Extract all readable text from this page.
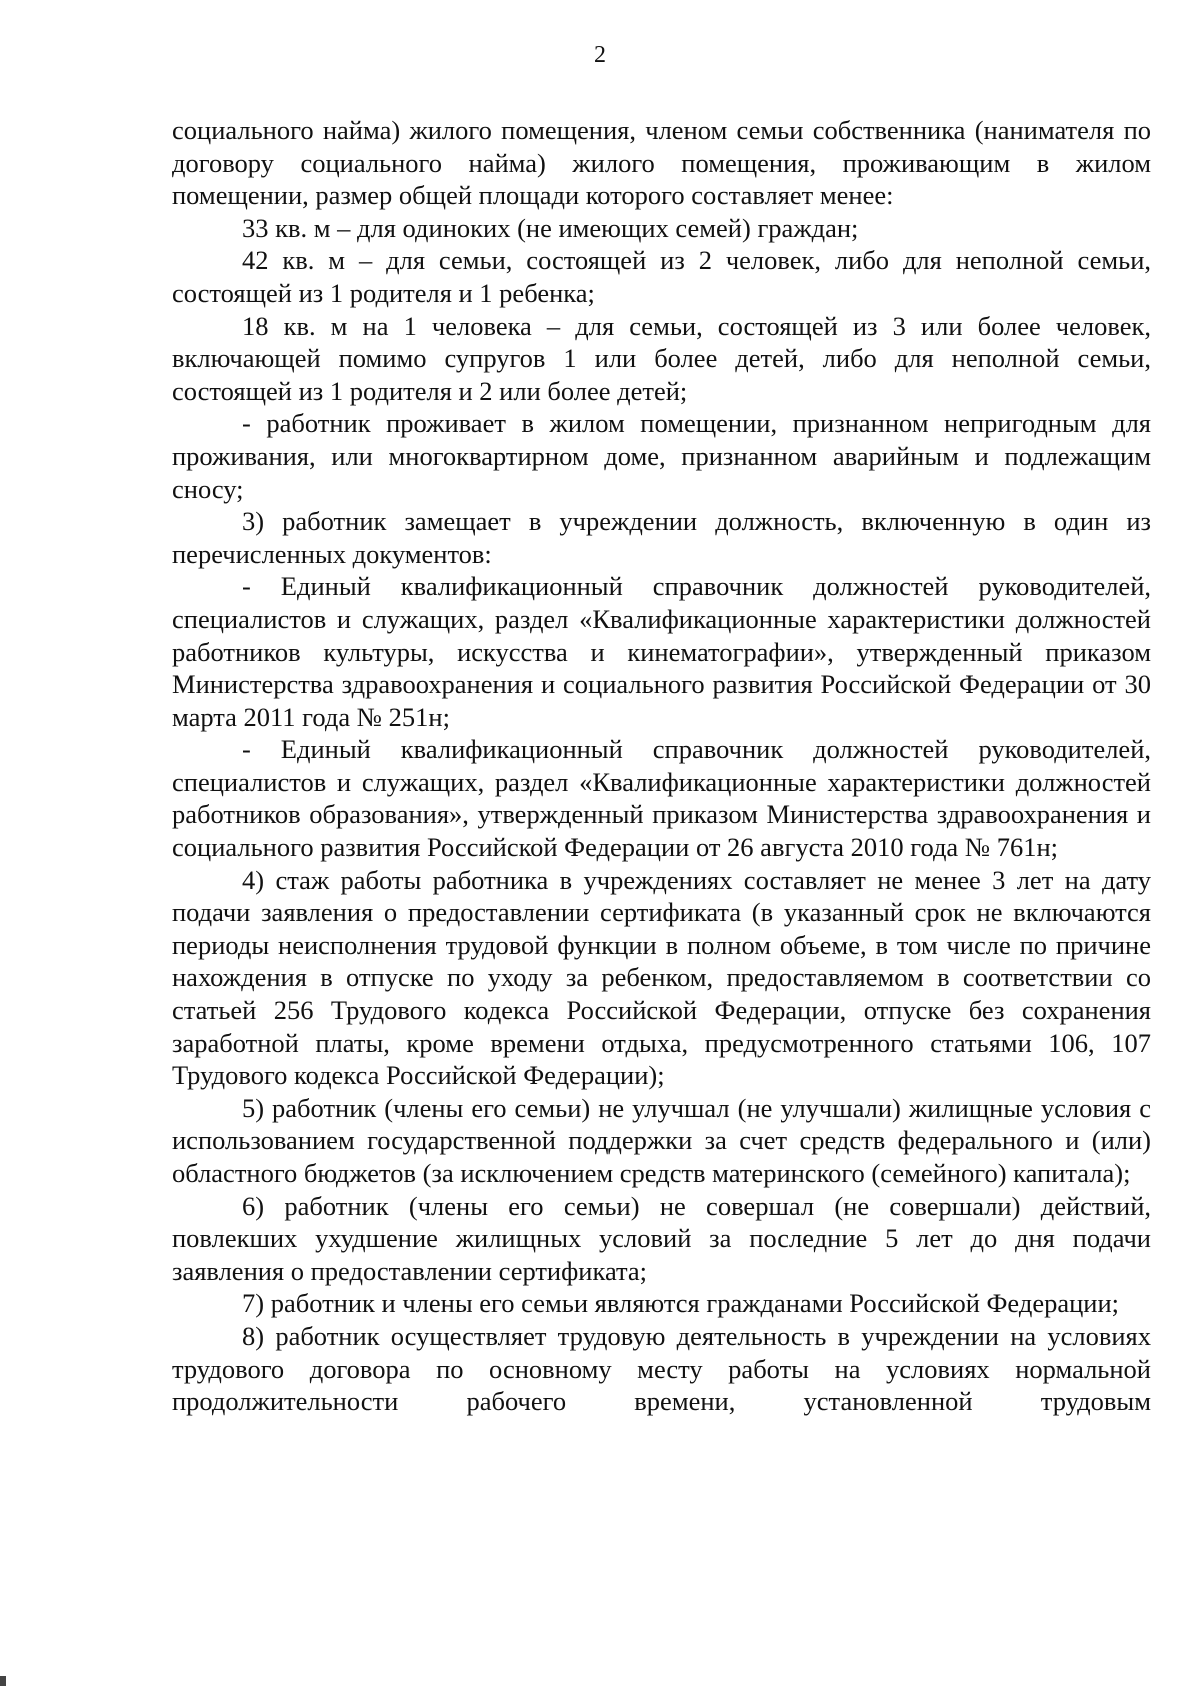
2

социального найма) жилого помещения, членом семьи собственника (нанимателя по договору социального найма) жилого помещения, проживающим в жилом помещении, размер общей площади которого составляет менее:

33 кв. м – для одиноких (не имеющих семей) граждан;

42 кв. м – для семьи, состоящей из 2 человек, либо для неполной семьи, состоящей из 1 родителя и 1 ребенка;

18 кв. м на 1 человека – для семьи, состоящей из 3 или более человек, включающей помимо супругов 1 или более детей, либо для неполной семьи, состоящей из 1 родителя и 2 или более детей;

- работник проживает в жилом помещении, признанном непригодным для проживания, или многоквартирном доме, признанном аварийным и подлежащим сносу;

3) работник замещает в учреждении должность, включенную в один из перечисленных документов:

- Единый квалификационный справочник должностей руководителей, специалистов и служащих, раздел «Квалификационные характеристики должностей работников культуры, искусства и кинематографии», утвержденный приказом Министерства здравоохранения и социального развития Российской Федерации от 30 марта 2011 года № 251н;

- Единый квалификационный справочник должностей руководителей, специалистов и служащих, раздел «Квалификационные характеристики должностей работников образования», утвержденный приказом Министерства здравоохранения и социального развития Российской Федерации от 26 августа 2010 года № 761н;

4) стаж работы работника в учреждениях составляет не менее 3 лет на дату подачи заявления о предоставлении сертификата (в указанный срок не включаются периоды неисполнения трудовой функции в полном объеме, в том числе по причине нахождения в отпуске по уходу за ребенком, предоставляемом в соответствии со статьей 256 Трудового кодекса Российской Федерации, отпуске без сохранения заработной платы, кроме времени отдыха, предусмотренного статьями 106, 107 Трудового кодекса Российской Федерации);

5) работник (члены его семьи) не улучшал (не улучшали) жилищные условия с использованием государственной поддержки за счет средств федерального и (или) областного бюджетов (за исключением средств материнского (семейного) капитала);

6) работник (члены его семьи) не совершал (не совершали) действий, повлекших ухудшение жилищных условий за последние 5 лет до дня подачи заявления о предоставлении сертификата;

7) работник и члены его семьи являются гражданами Российской Федерации;

8) работник осуществляет трудовую деятельность в учреждении на условиях трудового договора по основному месту работы на условиях нормальной продолжительности рабочего времени, установленной трудовым
